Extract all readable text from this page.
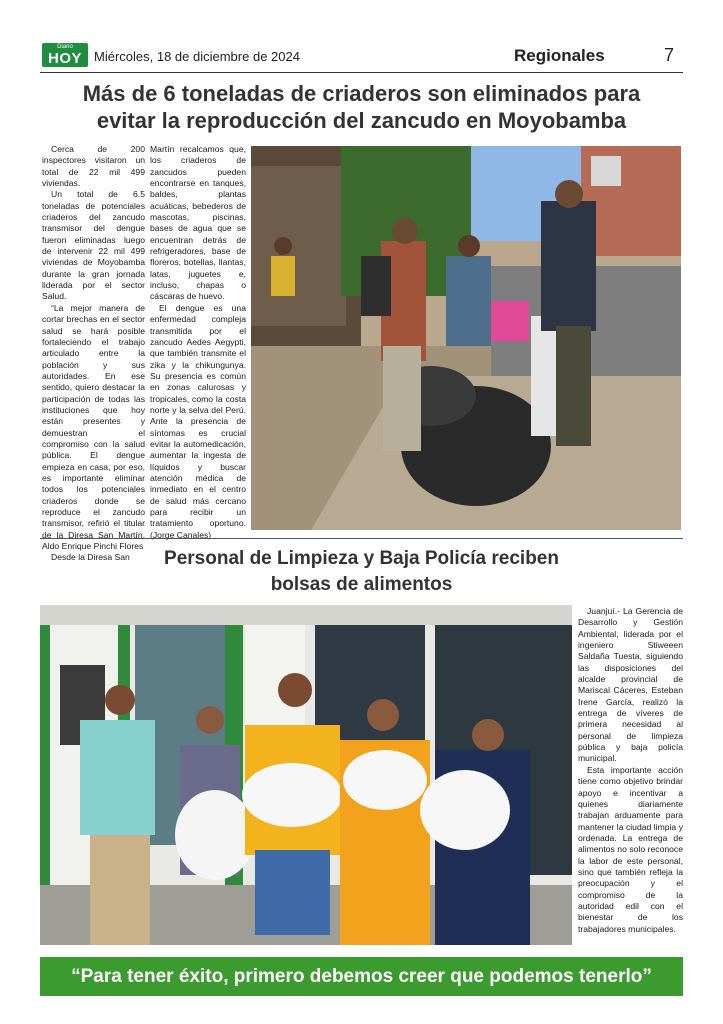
Diario
HOY Miércoles, 18 de diciembre de 2024	Regionales	7
Más de 6 toneladas de criaderos son eliminados para
evitar la reproducción del zancudo en Moyobamba

Cerca de 200 inspectores visitaron un total de 22 mil 499 viviendas.

Un total de 6.5 toneladas de potenciales criaderos del zancudo transmisor del dengue fueron eliminadas luego de intervenir 22 mil 499 viviendas de Moyobamba durante la gran jornada liderada por el sector Salud.

“La mejor manera de cortar brechas en el sector salud se hará posible fortaleciendo el trabajo articulado entre la población y sus autoridades. En ese sentido, quiero destacar la participación de todas las instituciones que hoy están presentes y demuestran el compromiso con la salud pública. El dengue empieza en casa, por eso, es importante eliminar todos los potenciales criaderos donde se reproduce el zancudo transmisor, refirió el titular de la Diresa San Martín, Aldo Enrique Pinchi Flores

Desde la Diresa San

Martín recalcamos que, los criaderos de zancudos pueden encontrarse en tanques, baldes, plantas acuáticas, bebederos de mascotas, piscinas, bases de agua que se encuentran detrás de refrigeradores, base de floreros, botellas, llantas, latas, juguetes e, incluso, chapas o cáscaras de huevo.

El dengue es una enfermedad compleja transmitida por el zancudo Aedes Aegypti, que también transmite el zika y la chikungunya. Su presencia es común en zonas calurosas y tropicales, como la costa norte y la selva del Perú. Ante la presencia de síntomas es crucial evitar la automedicación, aumentar la ingesta de líquidos y buscar atención médica de inmediato en el centro de salud más cercano para recibir un tratamiento oportuno. (Jorge Canales)

Personal de Limpieza y Baja Policía reciben
bolsas de alimentos

Juanjuí.- La Gerencia de Desarrollo y Gestión Ambiental, liderada por el ingeniero Stiweeen Saldaña Tuesta, siguiendo las disposiciones del alcalde provincial de Mariscal Cáceres, Esteban Irene García, realizó la entrega de víveres de primera necesidad al personal de limpieza pública y baja policía municipal.

Esta importante acción tiene como objetivo brindar apoyo e incentivar a quienes diariamente trabajan arduamente para mantener la ciudad limpia y ordenada. La entrega de alimentos no solo reconoce la labor de este personal, sino que también refleja la preocupación y el compromiso de la autoridad edil con el bienestar de los trabajadores municipales.

“Para tener éxito, primero debemos creer que podemos tenerlo”
